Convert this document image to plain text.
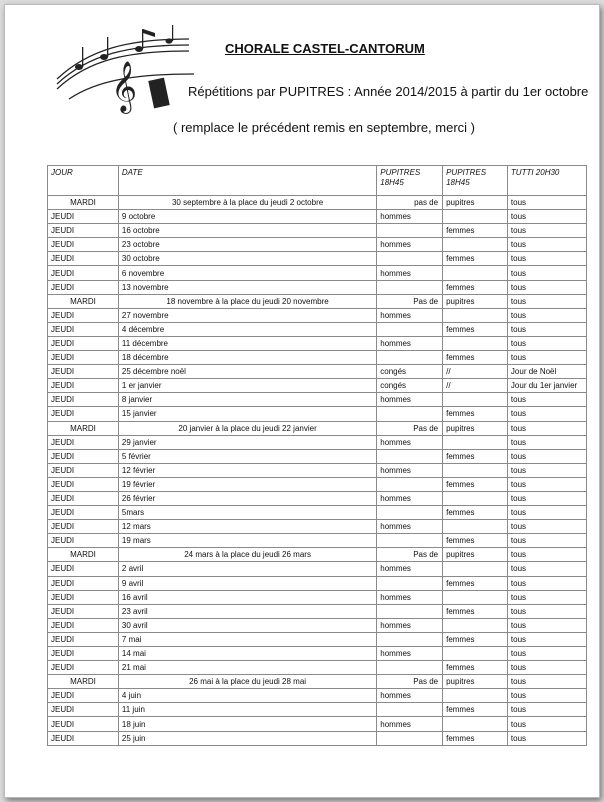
𝄞
CHORALE CASTEL-CANTORUM
Répétitions par PUPITRES : Année 2014/2015 à partir du 1er octobre
( remplace le précédent remis en septembre, merci )
JOUR	DATE	PUPITRES 18H45	PUPITRES 18H45	TUTTI 20H30
MARDI	30 septembre à la place du jeudi 2 octobre	pas de	pupitres	tous
JEUDI	9 octobre	hommes		tous
JEUDI	16 octobre		femmes	tous
JEUDI	23 octobre	hommes		tous
JEUDI	30 octobre		femmes	tous
JEUDI	6 novembre	hommes		tous
JEUDI	13 novembre		femmes	tous
MARDI	18 novembre à la place du jeudi 20 novembre	Pas de	pupitres	tous
JEUDI	27 novembre	hommes		tous
JEUDI	4 décembre		femmes	tous
JEUDI	11 décembre	hommes		tous
JEUDI	18 décembre		femmes	tous
JEUDI	25 décembre noël	congés	//	Jour de Noël
JEUDI	1 er janvier	congés	//	Jour du 1er janvier
JEUDI	8 janvier	hommes		tous
JEUDI	15 janvier		femmes	tous
MARDI	20 janvier à la place du jeudi 22 janvier	Pas de	pupitres	tous
JEUDI	29 janvier	hommes		tous
JEUDI	5 février		femmes	tous
JEUDI	12 février	hommes		tous
JEUDI	19 février		femmes	tous
JEUDI	26 février	hommes		tous
JEUDI	5mars		femmes	tous
JEUDI	12 mars	hommes		tous
JEUDI	19 mars		femmes	tous
MARDI	24 mars à la place du jeudi 26 mars	Pas de	pupitres	tous
JEUDI	2 avril	hommes		tous
JEUDI	9 avril		femmes	tous
JEUDI	16 avril	hommes		tous
JEUDI	23 avril		femmes	tous
JEUDI	30 avril	hommes		tous
JEUDI	7 mai		femmes	tous
JEUDI	14 mai	hommes		tous
JEUDI	21 mai		femmes	tous
MARDI	26 mai à la place du jeudi 28 mai	Pas de	pupitres	tous
JEUDI	4 juin	hommes		tous
JEUDI	11 juin		femmes	tous
JEUDI	18 juin	hommes		tous
JEUDI	25 juin		femmes	tous
